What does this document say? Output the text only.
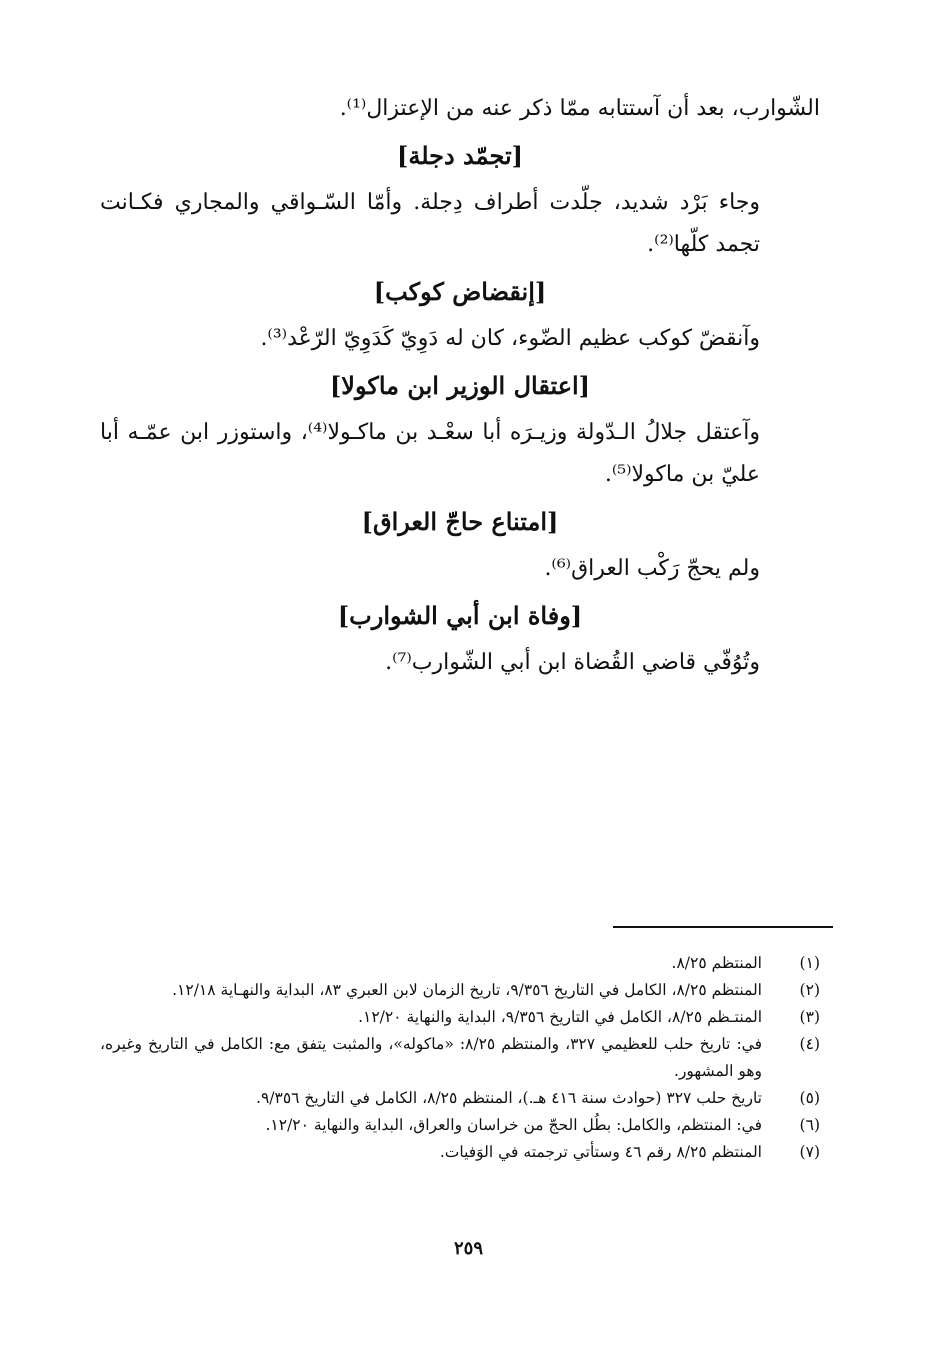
الشّوارب، بعد أن آستتابه ممّا ذكر عنه من الإعتزال⁽¹⁾.

[تجمّد دجلة]

وجاء بَرْد شديد، جلّدت أطراف دِجلة. وأمّا السّـواقي والمجاري فكـانت تجمد كلّها⁽²⁾.

[إنقضاض كوكب]

وآنقضّ كوكب عظيم الضّوء، كان له دَوِيّ كَدَوِيّ الرّعْد⁽³⁾.

[اعتقال الوزير ابن ماكولا]

وآعتقل جلالُ الـدّولة وزيـرَه أبا سعْـد بن ماكـولا⁽⁴⁾، واستوزر ابن عمّـه أبا عليّ بن ماكولا⁽⁵⁾.

[امتناع حاجّ العراق]

ولم يحجّ رَكْب العراق⁽⁶⁾.

[وفاة ابن أبي الشوارب]

وتُوُفّي قاضي القُضاة ابن أبي الشّوارب⁽⁷⁾.

(١)
المنتظم ٨/٢٥.
(٢)
المنتظم ٨/٢٥، الكامل في التاريخ ٩/٣٥٦، تاريخ الزمان لابن العبري ٨٣، البداية والنهـاية ١٢/١٨.
(٣)
المنتـظم ٨/٢٥، الكامل في التاريخ ٩/٣٥٦، البداية والنهاية ١٢/٢٠.
(٤)
في: تاريخ حلب للعظيمي ٣٢٧، والمنتظم ٨/٢٥: «ماكوله»، والمثبت يتفق مع: الكامل في التاريخ وغيره، وهو المشهور.
(٥)
تاريخ حلب ٣٢٧ (حوادث سنة ٤١٦ هـ.)، المنتظم ٨/٢٥، الكامل في التاريخ ٩/٣٥٦.
(٦)
في: المنتظم، والكامل: بطُل الحجّ من خراسان والعراق، البداية والنهاية ١٢/٢٠.
(٧)
المنتظم ٨/٢٥ رقم ٤٦ وستأتي ترجمته في الوَفيات.
٢٥٩
